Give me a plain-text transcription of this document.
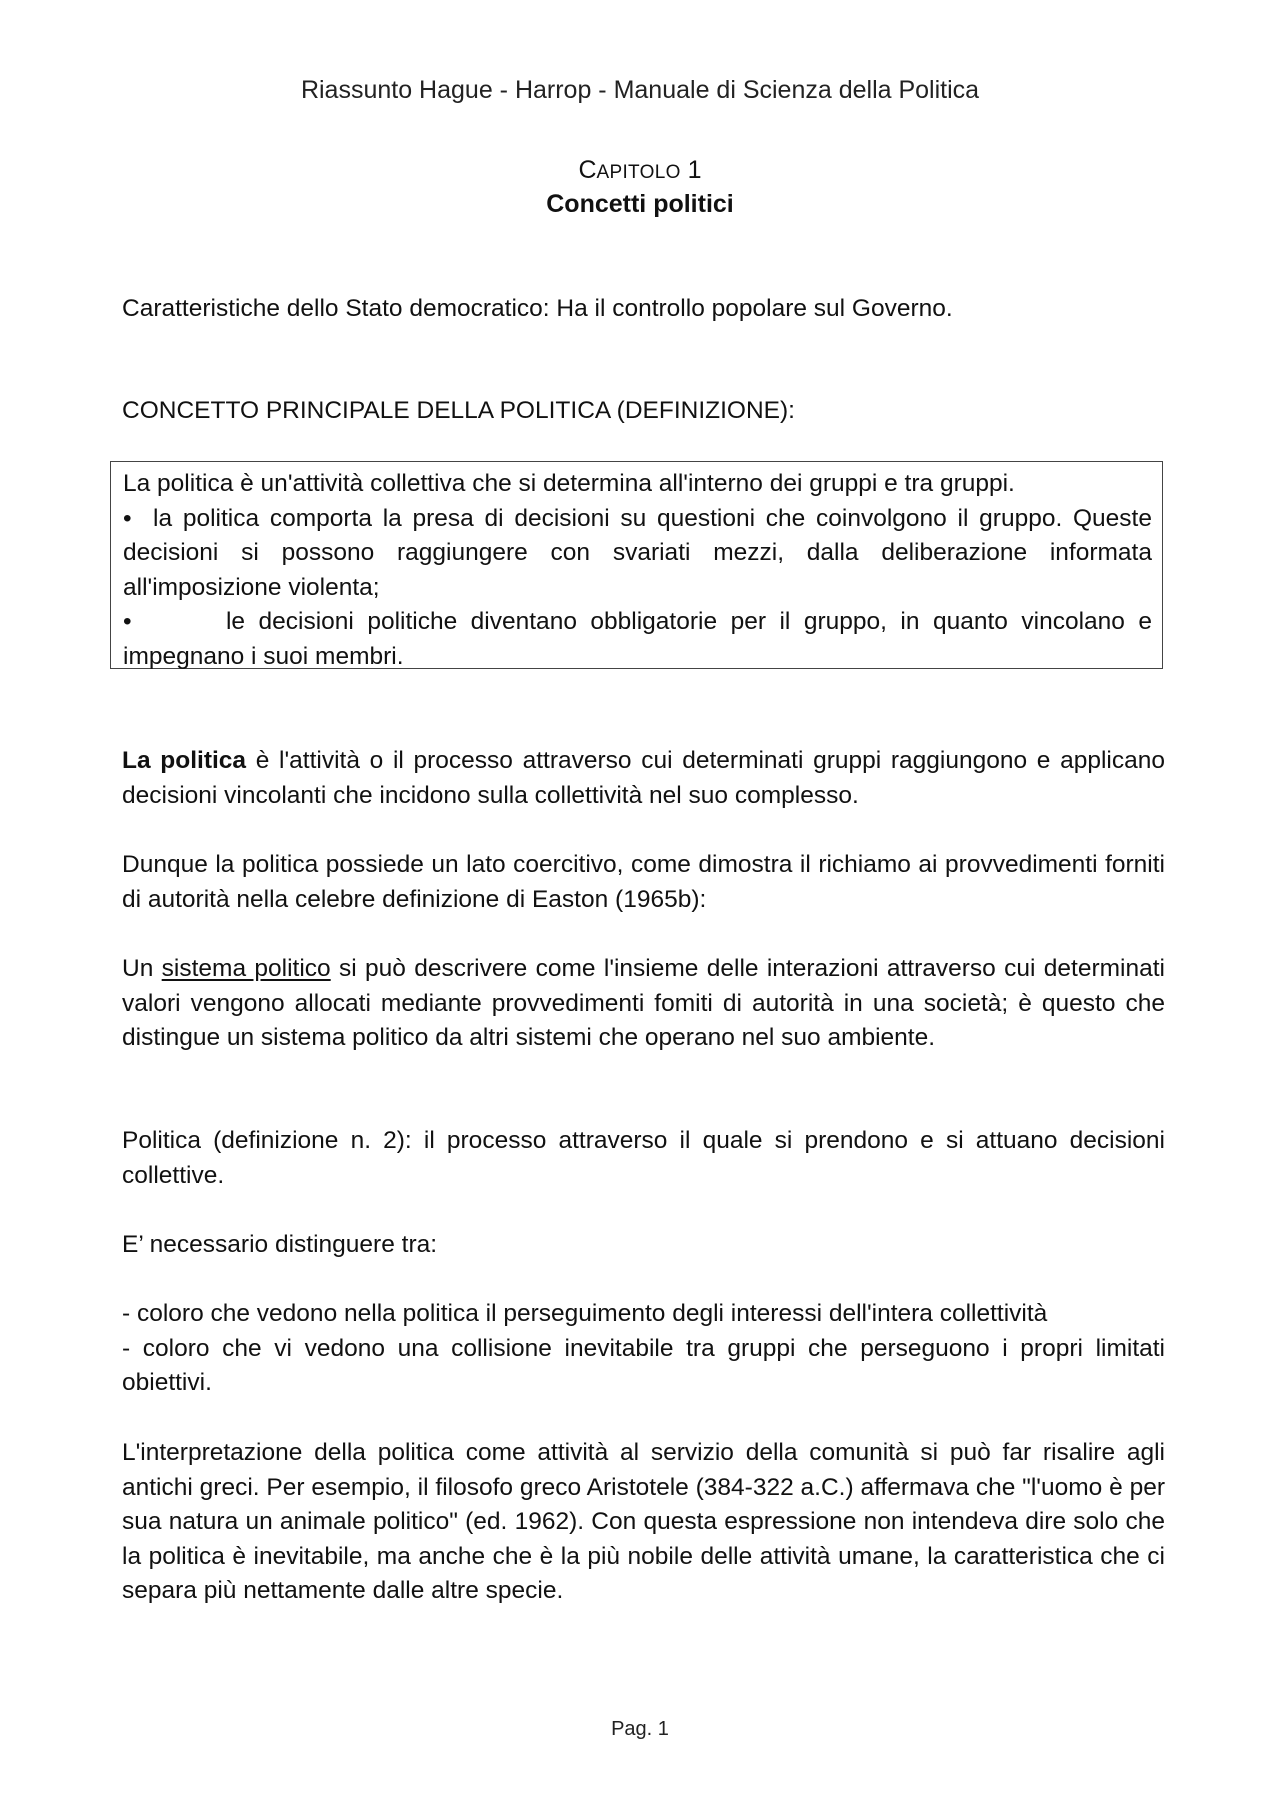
Riassunto Hague - Harrop - Manuale di Scienza della Politica
CAPITOLO 1
Concetti politici

Caratteristiche dello Stato democratico: Ha il controllo popolare sul Governo.

CONCETTO PRINCIPALE DELLA POLITICA (DEFINIZIONE):

La politica è un'attività collettiva che si determina all'interno dei gruppi e tra gruppi.

• la politica comporta la presa di decisioni su questioni che coinvolgono il gruppo. Queste decisioni si possono raggiungere con svariati mezzi, dalla deliberazione informata all'imposizione violenta;

•	le decisioni politiche diventano obbligatorie per il gruppo, in quanto vincolano e impegnano i suoi membri.

La politica è l'attività o il processo attraverso cui determinati gruppi raggiungono e applicano decisioni vincolanti che incidono sulla collettività nel suo complesso.

Dunque la politica possiede un lato coercitivo, come dimostra il richiamo ai provvedimenti forniti di autorità nella celebre definizione di Easton (1965b):

Un sistema politico si può descrivere come l'insieme delle interazioni attraverso cui determinati valori vengono allocati mediante provvedimenti fomiti di autorità in una società; è questo che distingue un sistema politico da altri sistemi che operano nel suo ambiente.

Politica (definizione n. 2): il processo attraverso il quale si prendono e si attuano decisioni collettive.

E’ necessario distinguere tra:

- coloro che vedono nella politica il perseguimento degli interessi dell'intera collettività

- coloro che vi vedono una collisione inevitabile tra gruppi che perseguono i propri limitati obiettivi.

L'interpretazione della politica come attività al servizio della comunità si può far risalire agli antichi greci. Per esempio, il filosofo greco Aristotele (384-322 a.C.) affermava che "l'uomo è per sua natura un animale politico" (ed. 1962). Con questa espressione non intendeva dire solo che la politica è inevitabile, ma anche che è la più nobile delle attività umane, la caratteristica che ci separa più nettamente dalle altre specie.

Pag. 1
